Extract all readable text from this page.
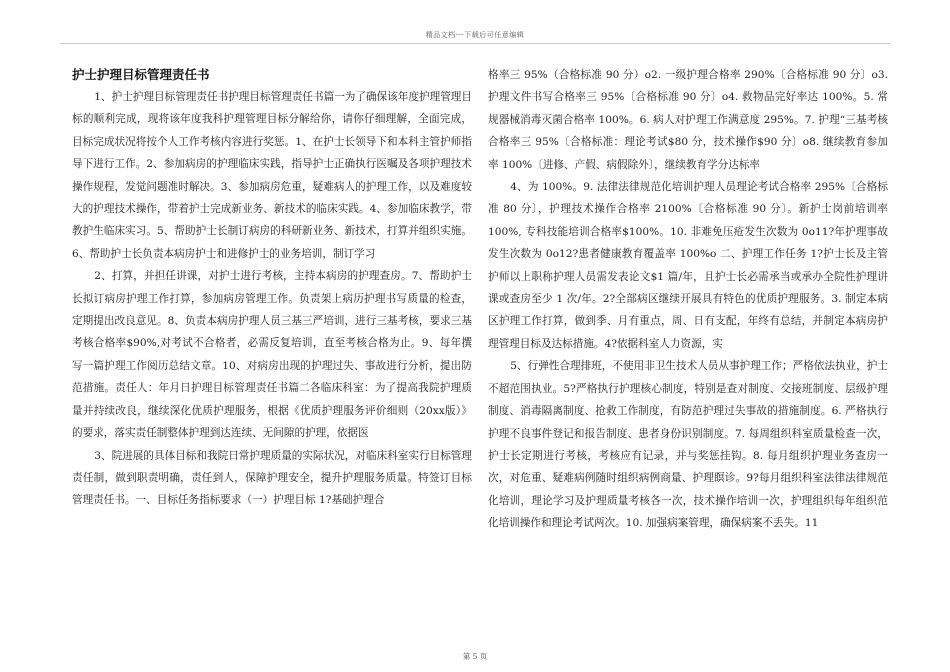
精品文档---下载后可任意编辑
护士护理目标管理责任书

1、护士护理目标管理责任书护理目标管理责任书篇一为了确保该年度护理管理目标的顺利完成，现将该年度我科护理管理目标分解给你，请你仔细理解，全面完成，目标完成状况将按个人工作考核内容进行奖惩。1、在护士长领导下和本科主管护师指导下进行工作。2、参加病房的护理临床实践，指导护士正确执行医嘱及各项护理技术操作规程，发觉问题准时解决。3、参加病房危重，疑难病人的护理工作，以及难度较大的护理技术操作，带着护士完成新业务、新技术的临床实践。4、参加临床教学，带教护生临床实习。5、帮助护士长制订病房的科研新业务、新技术，打算并组织实施。6、帮助护士长负责本病房护士和进修护士的业务培训，制订学习

2、打算，并担任讲课，对护士进行考核，主持本病房的护理查房。7、帮助护士长拟订病房护理工作打算，参加病房管理工作。负责架上病历护理书写质量的检查，定期提出改良意见。8、负责本病房护理人员三基三严培训，进行三基考核，要求三基考核合格率$90%,对考试不合格者，必需反复培训，直至考核合格为止。9、每年撰写一篇护理工作阅历总结文章。10、对病房出现的护理过失、事故进行分析，提出防范措施。责任人：年月日护理目标管理责任书篇二各临床科室：为了提高我院护理质量并持续改良，继续深化优质护理服务，根据《优质护理服务评价细则（20xx版）》的要求，落实责任制整体护理到达连续、无间隙的护理，依据医

3、院进展的具体目标和我院日常护理质量的实际状况，对临床科室实行目标管理责任制，做到职责明确，责任到人，保障护理安全，提升护理服务质量。特签订目标管理责任书。一、目标任务指标要求（一）护理目标 1?基础护理合

格率三 95%（合格标准 90 分）o2. 一级护理合格率 290%〔合格标准 90 分〕o3. 护理文件书写合格率三 95%〔合格标准 90 分〕o4. 救物品完好率达 100%。5. 常规器械消毒灭菌合格率 100%。6. 病人对护理工作满意度 295%。7. 护理“三基考核合格率三 95%〔合格标准：理论考试$80 分，技术操作$90 分〕o8. 继续教育参加率 100%〔进修、产假、病假除外〕，继续教育学分达标率

4、为 100%。9. 法律法律规范化培训护理人员理论考试合格率 295%〔合格标准 80 分〕，护理技术操作合格率 2100%〔合格标准 90 分〕。新护士岗前培训率 100%, 专科技能培训合格率$100%。10. 非难免压疮发生次数为 0o11?年护理事故发生次数为 0o12?患者健康教育覆盖率 100%o 二、护理工作任务 1?护士长及主管护师以上职称护理人员需发表论文$1 篇/年，且护士长必需承当或承办全院性护理讲课或查房至少 1 次/年。2?全部病区继续开展具有特色的优质护理服务。3. 制定本病区护理工作打算，做到季、月有重点，周、日有支配，年终有总结，并制定本病房护理管理目标及达标措施。4?依据科室人力资源，实

5、行弹性合理排班，不使用非卫生技术人员从事护理工作；严格依法执业，护士不超范围执业。5?严格执行护理核心制度，特别是查对制度、交接班制度、层级护理制度、消毒隔离制度、抢救工作制度，有防范护理过失事故的措施制度。6. 严格执行护理不良事件登记和报告制度、患者身份识别制度。7. 每周组织科室质量检查一次，护士长定期进行考核，考核应有记录，并与奖惩挂钩。8. 每月组织护理业务查房一次，对危重、疑难病例随时组织病例商量、护理瞑诊。9?每月组织科室法律法律规范化培训，理论学习及护理质量考核各一次，技术操作培训一次，护理组织每年组织范化培训操作和理论考试两次。10. 加强病案管理，确保病案不丢失。11

第 5 页
